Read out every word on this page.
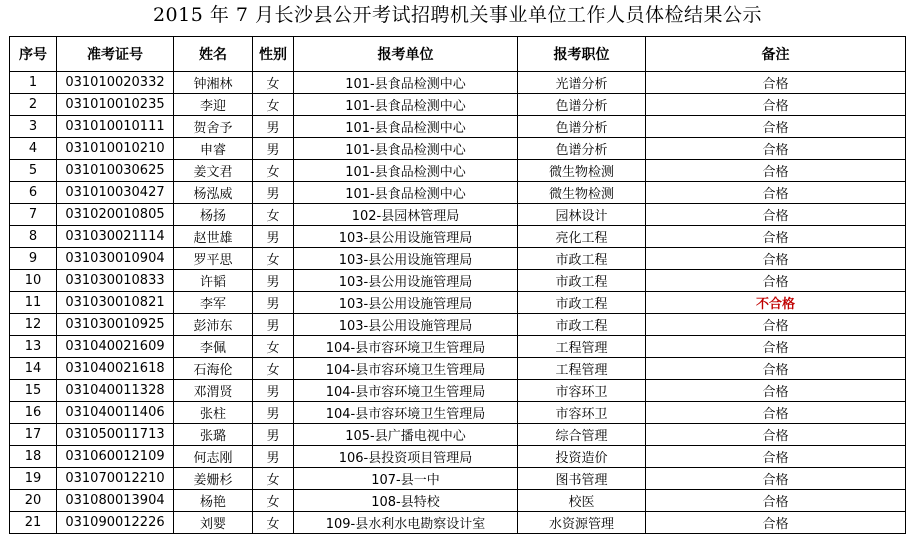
2015 年 7 月长沙县公开考试招聘机关事业单位工作人员体检结果公示
序号	准考证号	姓名	性别	报考单位	报考职位	备注
1	031010020332	钟湘林	女	101-县食品检测中心	光谱分析	合格
2	031010010235	李迎	女	101-县食品检测中心	色谱分析	合格
3	031010010111	贺舍予	男	101-县食品检测中心	色谱分析	合格
4	031010010210	申睿	男	101-县食品检测中心	色谱分析	合格
5	031010030625	姜文君	女	101-县食品检测中心	微生物检测	合格
6	031010030427	杨泓威	男	101-县食品检测中心	微生物检测	合格
7	031020010805	杨扬	女	102-县园林管理局	园林设计	合格
8	031030021114	赵世雄	男	103-县公用设施管理局	亮化工程	合格
9	031030010904	罗平思	女	103-县公用设施管理局	市政工程	合格
10	031030010833	许韬	男	103-县公用设施管理局	市政工程	合格
11	031030010821	李军	男	103-县公用设施管理局	市政工程	不合格
12	031030010925	彭沛东	男	103-县公用设施管理局	市政工程	合格
13	031040021609	李佩	女	104-县市容环境卫生管理局	工程管理	合格
14	031040021618	石海伦	女	104-县市容环境卫生管理局	工程管理	合格
15	031040011328	邓渭贤	男	104-县市容环境卫生管理局	市容环卫	合格
16	031040011406	张柱	男	104-县市容环境卫生管理局	市容环卫	合格
17	031050011713	张璐	男	105-县广播电视中心	综合管理	合格
18	031060012109	何志刚	男	106-县投资项目管理局	投资造价	合格
19	031070012210	姜姗杉	女	107-县一中	图书管理	合格
20	031080013904	杨艳	女	108-县特校	校医	合格
21	031090012226	刘婴	女	109-县水利水电勘察设计室	水资源管理	合格
